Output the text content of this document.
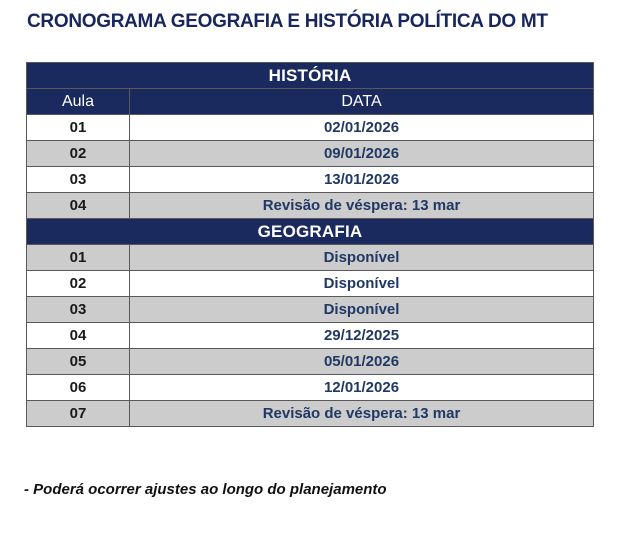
CRONOGRAMA GEOGRAFIA E HISTÓRIA POLÍTICA DO MT
HISTÓRIA	
Aula	DATA
01	02/01/2026
02	09/01/2026
03	13/01/2026
04	Revisão de véspera: 13 mar
GEOGRAFIA	
01	Disponível
02	Disponível
03	Disponível
04	29/12/2025
05	05/01/2026
06	12/01/2026
07	Revisão de véspera: 13 mar
- Poderá ocorrer ajustes ao longo do planejamento
